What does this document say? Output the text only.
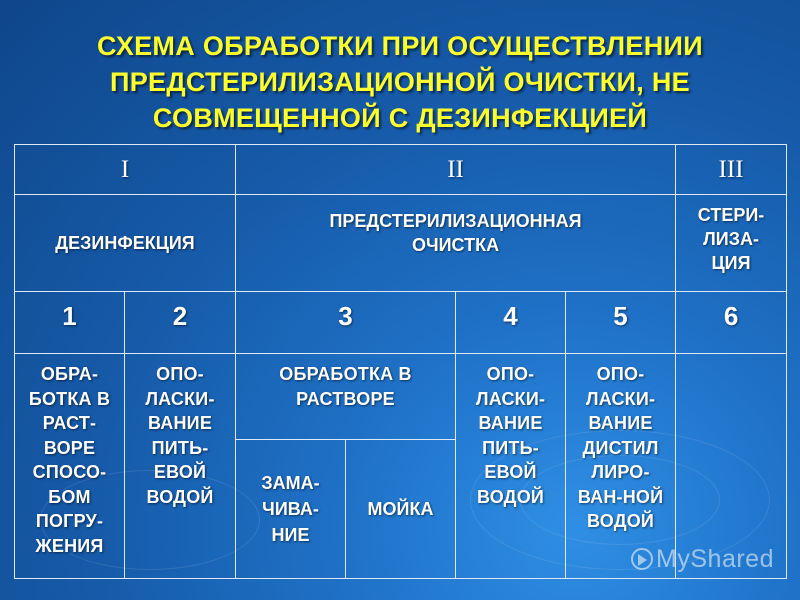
СХЕМА ОБРАБОТКИ ПРИ ОСУЩЕСТВЛЕНИИ
ПРЕДСТЕРИЛИЗАЦИОННОЙ ОЧИСТКИ, НЕ
СОВМЕЩЕННОЙ С ДЕЗИНФЕКЦИЕЙ
I		II				III
ДЕЗИНФЕКЦИЯ		ПРЕДСТЕРИЛИЗАЦИОННАЯ ОЧИСТКА				СТЕРИ-ЛИЗА-ЦИЯ
1	2	3		4	5	6
ОБРА-БОТКА В РАСТ-ВОРЕ СПОСО-БОМ ПОГРУ-ЖЕНИЯ	ОПО-ЛАСКИ-ВАНИЕ ПИТЬ-ЕВОЙ ВОДОЙ	ОБРАБОТКА В РАСТВОРЕ		ОПО-ЛАСКИ-ВАНИЕ ПИТЬ-ЕВОЙ ВОДОЙ	ОПО-ЛАСКИ-ВАНИЕ ДИСТИЛ ЛИРО-ВАН-НОЙ ВОДОЙ	
		ЗАМА-ЧИВА-НИЕ	МОЙКА			
MyShared
